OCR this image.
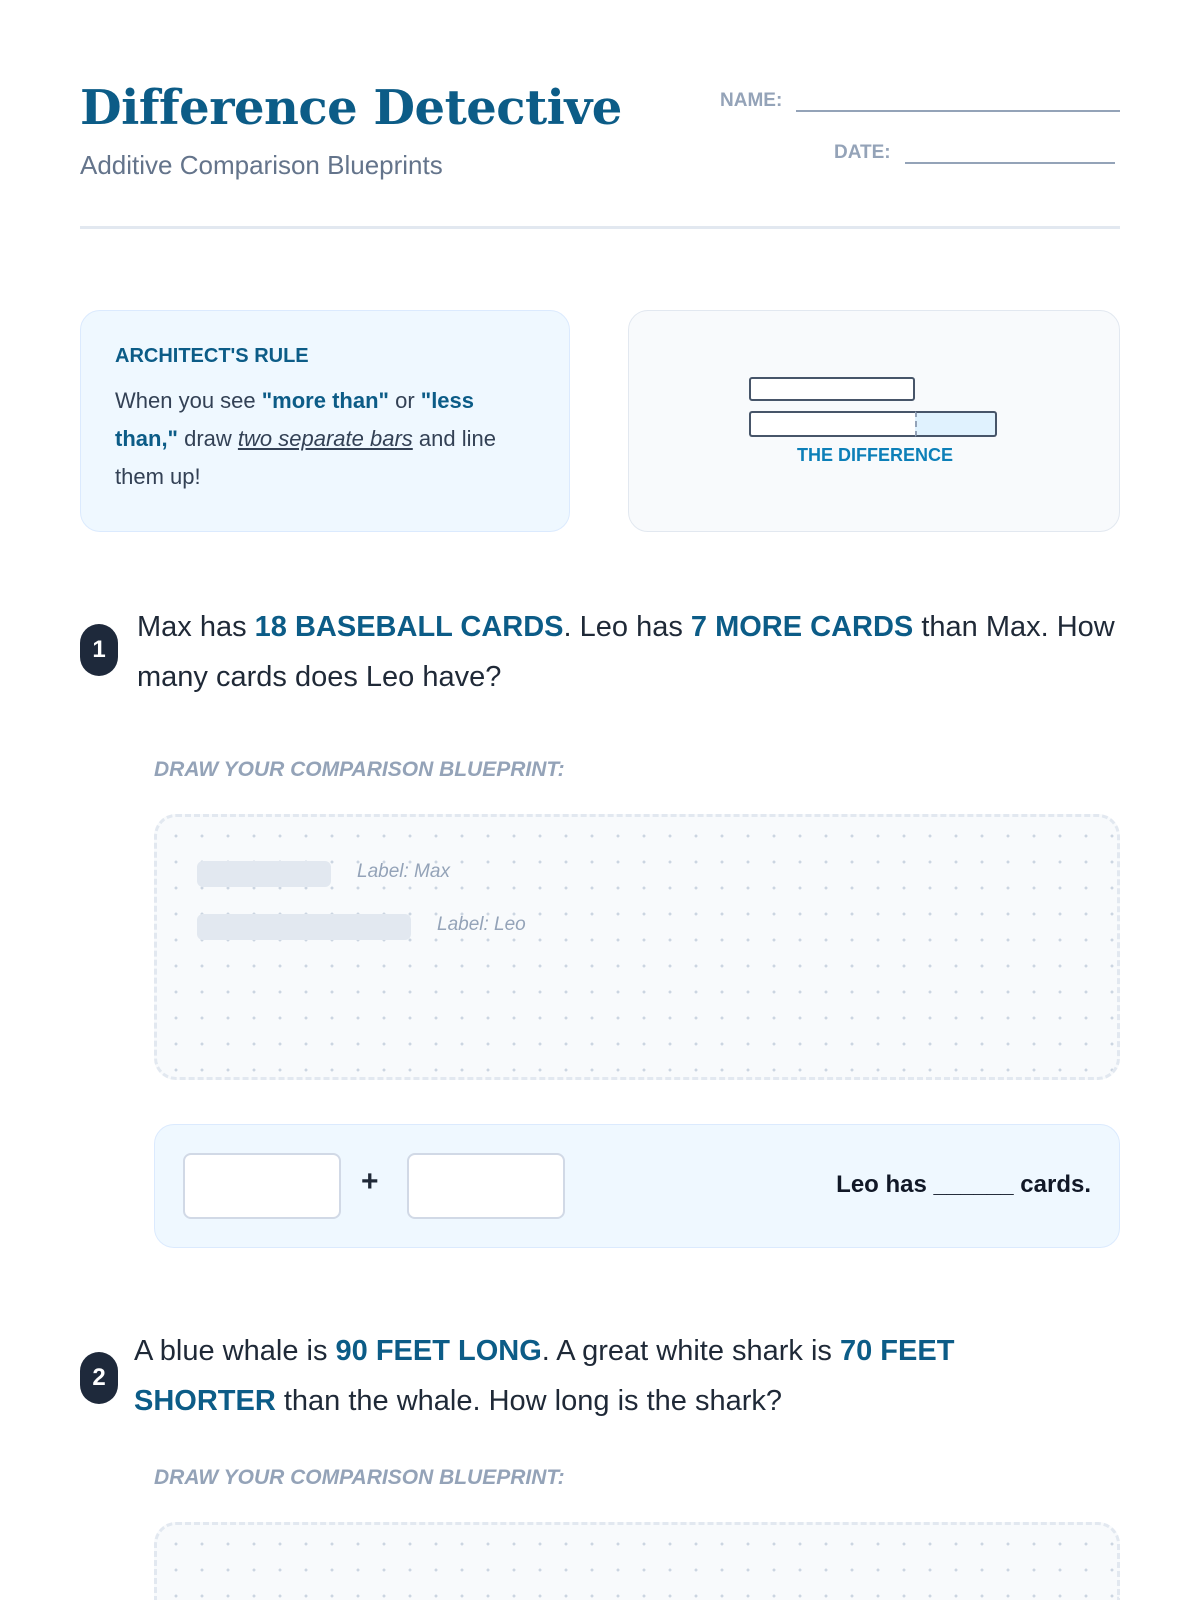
Difference Detective
Additive Comparison Blueprints
NAME:
DATE:
ARCHITECT'S RULE
When you see "more than" or "less than," draw two separate bars and line them up!
THE DIFFERENCE
1
Max has 18 BASEBALL CARDS. Leo has 7 MORE CARDS than Max. How many cards does Leo have?
DRAW YOUR COMPARISON BLUEPRINT:
Label: Max
Label: Leo
+	Leo has ______ cards.
2
A blue whale is 90 FEET LONG. A great white shark is 70 FEET SHORTER than the whale. How long is the shark?
DRAW YOUR COMPARISON BLUEPRINT:
